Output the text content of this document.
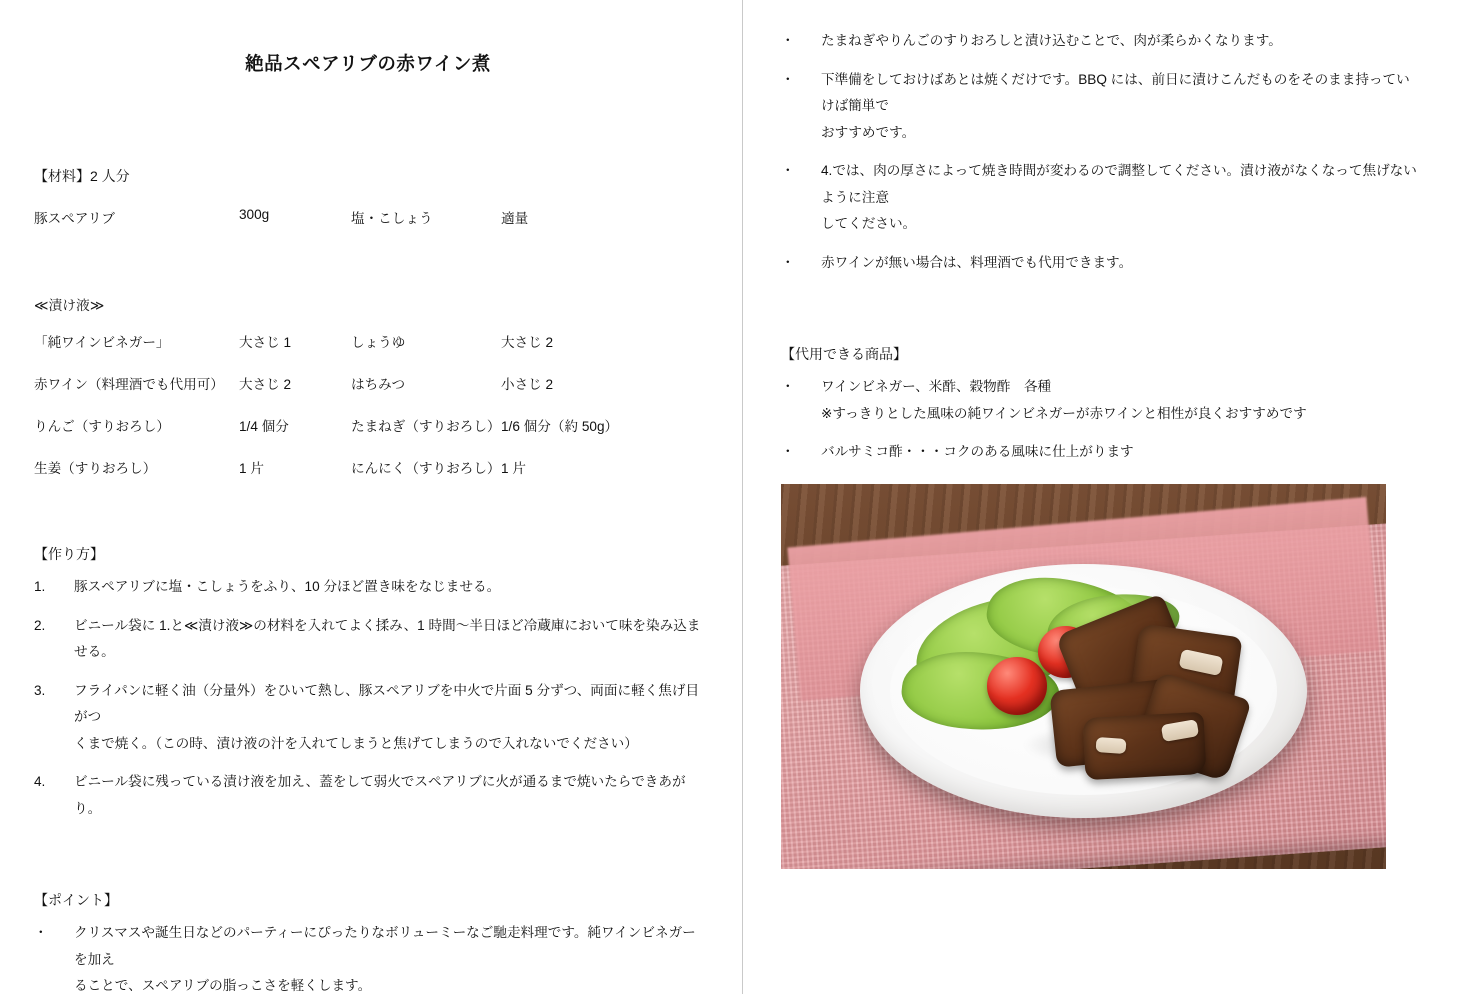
絶品スペアリブの赤ワイン煮

【材料】2 人分

豚スペアリブ	300g	塩・こしょう	適量

≪漬け液≫

「純ワインビネガー」	大さじ 1	しょうゆ	大さじ 2
赤ワイン（料理酒でも代用可）	大さじ 2	はちみつ	小さじ 2
りんご（すりおろし）	1/4 個分	たまねぎ（すりおろし）	1/6 個分（約 50g）
生姜（すりおろし）	1 片	にんにく（すりおろし）	1 片

【作り方】

1.	豚スペアリブに塩・こしょうをふり、10 分ほど置き味をなじませる。
2.	ビニール袋に 1.と≪漬け液≫の材料を入れてよく揉み、1 時間～半日ほど冷蔵庫において味を染み込ませる。
3.	フライパンに軽く油（分量外）をひいて熱し、豚スペアリブを中火で片面 5 分ずつ、両面に軽く焦げ目がつ
くまで焼く。（この時、漬け液の汁を入れてしまうと焦げてしまうので入れないでください）
4.	ビニール袋に残っている漬け液を加え、蓋をして弱火でスペアリブに火が通るまで焼いたらできあがり。

【ポイント】

・	クリスマスや誕生日などのパーティーにぴったりなボリューミーなご馳走料理です。純ワインビネガーを加え
ることで、スペアリブの脂っこさを軽くします。
・	たまねぎやりんごのすりおろしと漬け込むことで、肉が柔らかくなります。
・	下準備をしておけばあとは焼くだけです。BBQ には、前日に漬けこんだものをそのまま持っていけば簡単で
おすすめです。
・	4.では、肉の厚さによって焼き時間が変わるので調整してください。漬け液がなくなって焦げないように注意
してください。
・	赤ワインが無い場合は、料理酒でも代用できます。

【代用できる商品】

・	ワインビネガー、米酢、穀物酢　各種
※すっきりとした風味の純ワインビネガーが赤ワインと相性が良くおすすめです
・	バルサミコ酢・・・コクのある風味に仕上がります
